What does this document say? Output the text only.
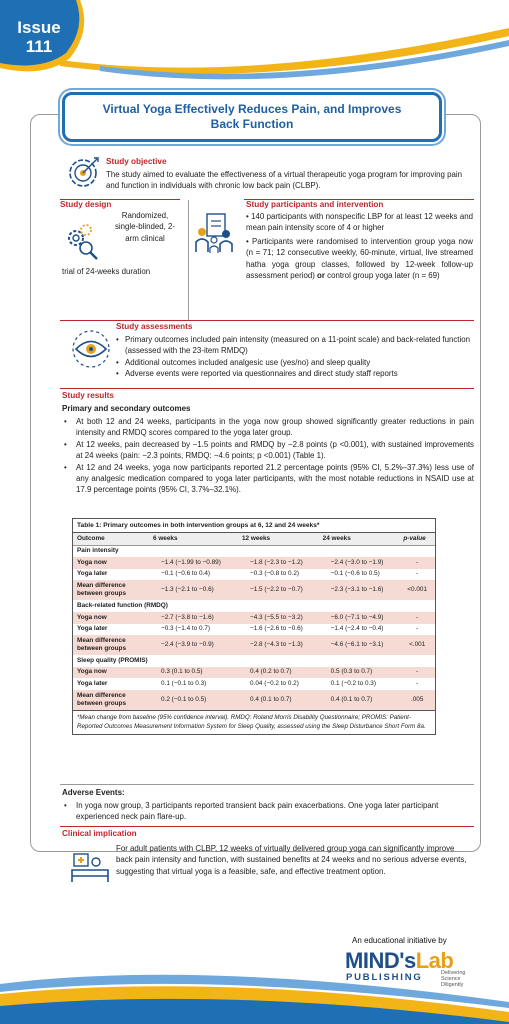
Issue
111
Virtual Yoga Effectively Reduces Pain, and Improves Back Function
Study objective
The study aimed to evaluate the effectiveness of a virtual therapeutic yoga program for improving pain and function in individuals with chronic low back pain (CLBP).
Study design
Randomized, single-blinded, 2-arm clinical
trial of 24-weeks duration
Study participants and intervention
• 140 participants with nonspecific LBP for at least 12 weeks and mean pain intensity score of 4 or higher
• Participants were randomised to intervention group yoga now (n = 71; 12 consecutive weekly, 60-minute, virtual, live streamed hatha yoga group classes, followed by 12-week follow-up assessment period) or control group yoga later (n = 69)
Study assessments
• Primary outcomes included pain intensity (measured on a 11-point scale) and back-related function (assessed with the 23-item RMDQ)
• Additional outcomes included analgesic use (yes/no) and sleep quality
• Adverse events were reported via questionnaires and direct study staff reports
Study results
Primary and secondary outcomes
• At both 12 and 24 weeks, participants in the yoga now group showed significantly greater reductions in pain intensity and RMDQ scores compared to the yoga later group.
• At 12 weeks, pain decreased by −1.5 points and RMDQ by −2.8 points (p <0.001), with sustained improvements at 24 weeks (pain: −2.3 points, RMDQ: −4.6 points; p <0.001) (Table 1).
• At 12 and 24 weeks, yoga now participants reported 21.2 percentage points (95% CI, 5.2%–37.3%) less use of any analgesic medication compared to yoga later participants, with the most notable reductions in NSAID use at 17.9 percentage points (95% CI, 3.7%–32.1%).
Table 1: Primary outcomes in both intervention groups at 6, 12 and 24 weeks*
Outcome	6 weeks	12 weeks	24 weeks	p-value
Pain intensity				
Yoga now	−1.4 (−1.99 to −0.89)	−1.8 (−2.3 to −1.2)	−2.4 (−3.0 to −1.9)	-
Yoga later	−0.1 (−0.6 to 0.4)	−0.3 (−0.8 to 0.2)	−0.1 (−0.6 to 0.5)	-
Mean difference between groups	−1.3 (−2.1 to −0.6)	−1.5 (−2.2 to −0.7)	−2.3 (−3.1 to −1.6)	<0.001
Back-related function (RMDQ)				
Yoga now	−2.7 (−3.8 to −1.6)	−4.3 (−5.5 to −3.2)	−6.0 (−7.1 to −4.9)	-
Yoga later	−0.3 (−1.4 to 0.7)	−1.6 (−2.6 to −0.6)	−1.4 (−2.4 to −0.4)	-
Mean difference between groups	−2.4 (−3.9 to −0.9)	−2.8 (−4.3 to −1.3)	−4.6 (−6.1 to −3.1)	<.001
Sleep quality (PROMIS)				
Yoga now	0.3 (0.1 to 0.5)	0.4 (0.2 to 0.7)	0.5 (0.3 to 0.7)	-
Yoga later	0.1 (−0.1 to 0.3)	0.04 (−0.2 to 0.2)	0.1 (−0.2 to 0.3)	-
Mean difference between groups	0.2 (−0.1 to 0.5)	0.4 (0.1 to 0.7)	0.4 (0.1 to 0.7)	.005
*Mean change from baseline (95% confidence interval). RMDQ: Roland Morris Disability Questionnaire; PROMIS: Patient-Reported Outcomes Measurement Information System for Sleep Quality, assessed using the Sleep Disturbance Short Form 8a.
Adverse Events:
• In yoga now group, 3 participants reported transient back pain exacerbations. One yoga later participant experienced neck pain flare-up.
Clinical implication
For adult patients with CLBP, 12 weeks of virtually delivered group yoga can significantly improve back pain intensity and function, with sustained benefits at 24 weeks and no serious adverse events, suggesting that virtual yoga is a feasible, safe, and effective treatment option.
An educational initiative by
MIND'sLab
PUBLISHING	Delivering
Science
Diligently
